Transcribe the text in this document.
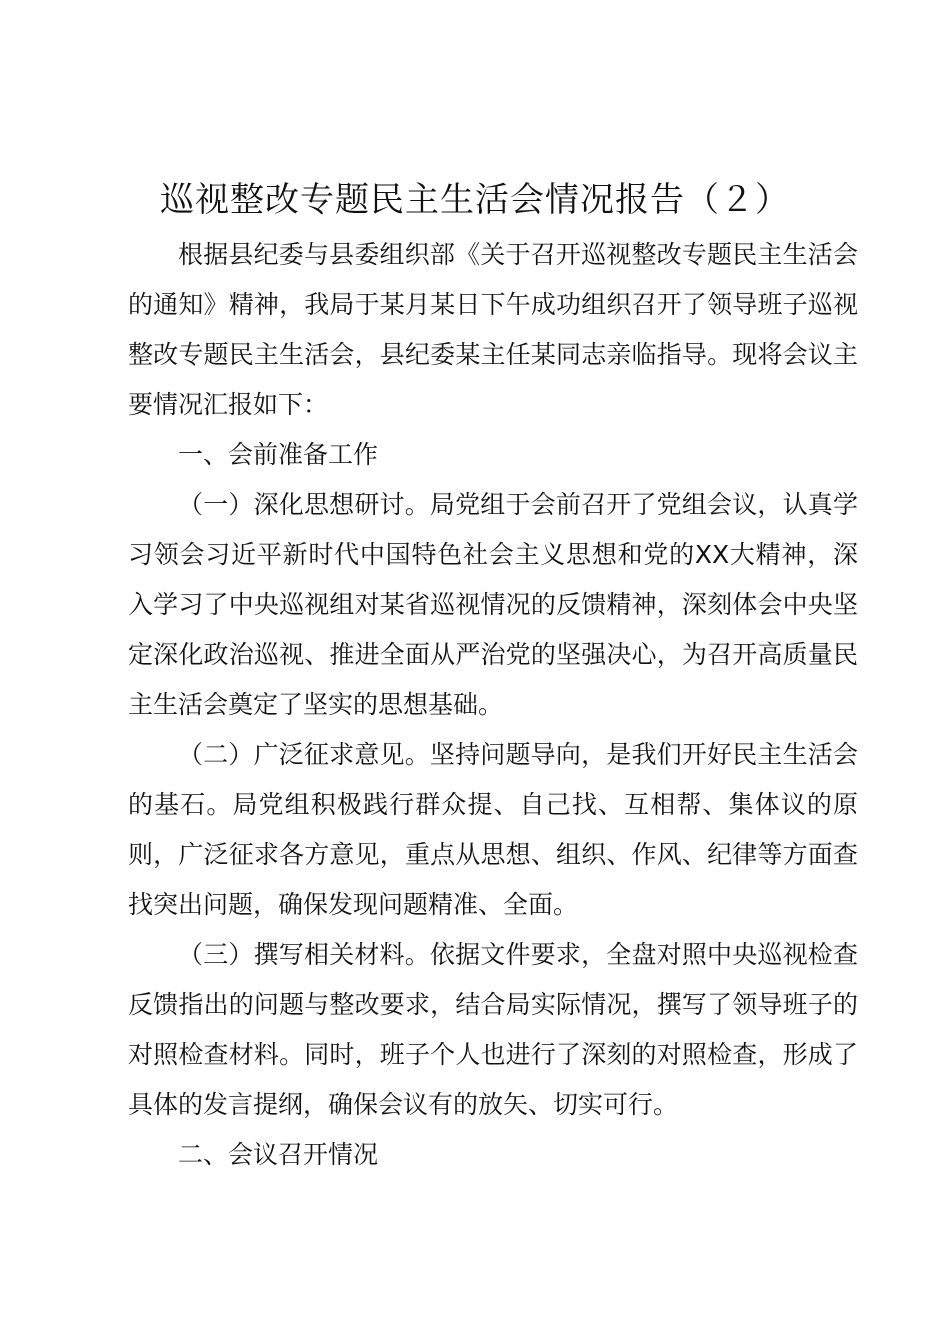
巡视整改专题民主生活会情况报告（２）

根据县纪委与县委组织部《关于召开巡视整改专题民主生活会的通知》精神，我局于某月某日下午成功组织召开了领导班子巡视整改专题民主生活会，县纪委某主任某同志亲临指导。现将会议主要情况汇报如下：

一、会前准备工作

（一）深化思想研讨。局党组于会前召开了党组会议，认真学习领会习近平新时代中国特色社会主义思想和党的XX大精神，深入学习了中央巡视组对某省巡视情况的反馈精神，深刻体会中央坚定深化政治巡视、推进全面从严治党的坚强决心，为召开高质量民主生活会奠定了坚实的思想基础。

（二）广泛征求意见。坚持问题导向，是我们开好民主生活会的基石。局党组积极践行群众提、自己找、互相帮、集体议的原则，广泛征求各方意见，重点从思想、组织、作风、纪律等方面查找突出问题，确保发现问题精准、全面。

（三）撰写相关材料。依据文件要求，全盘对照中央巡视检查反馈指出的问题与整改要求，结合局实际情况，撰写了领导班子的对照检查材料。同时，班子个人也进行了深刻的对照检查，形成了具体的发言提纲，确保会议有的放矢、切实可行。

二、会议召开情况
